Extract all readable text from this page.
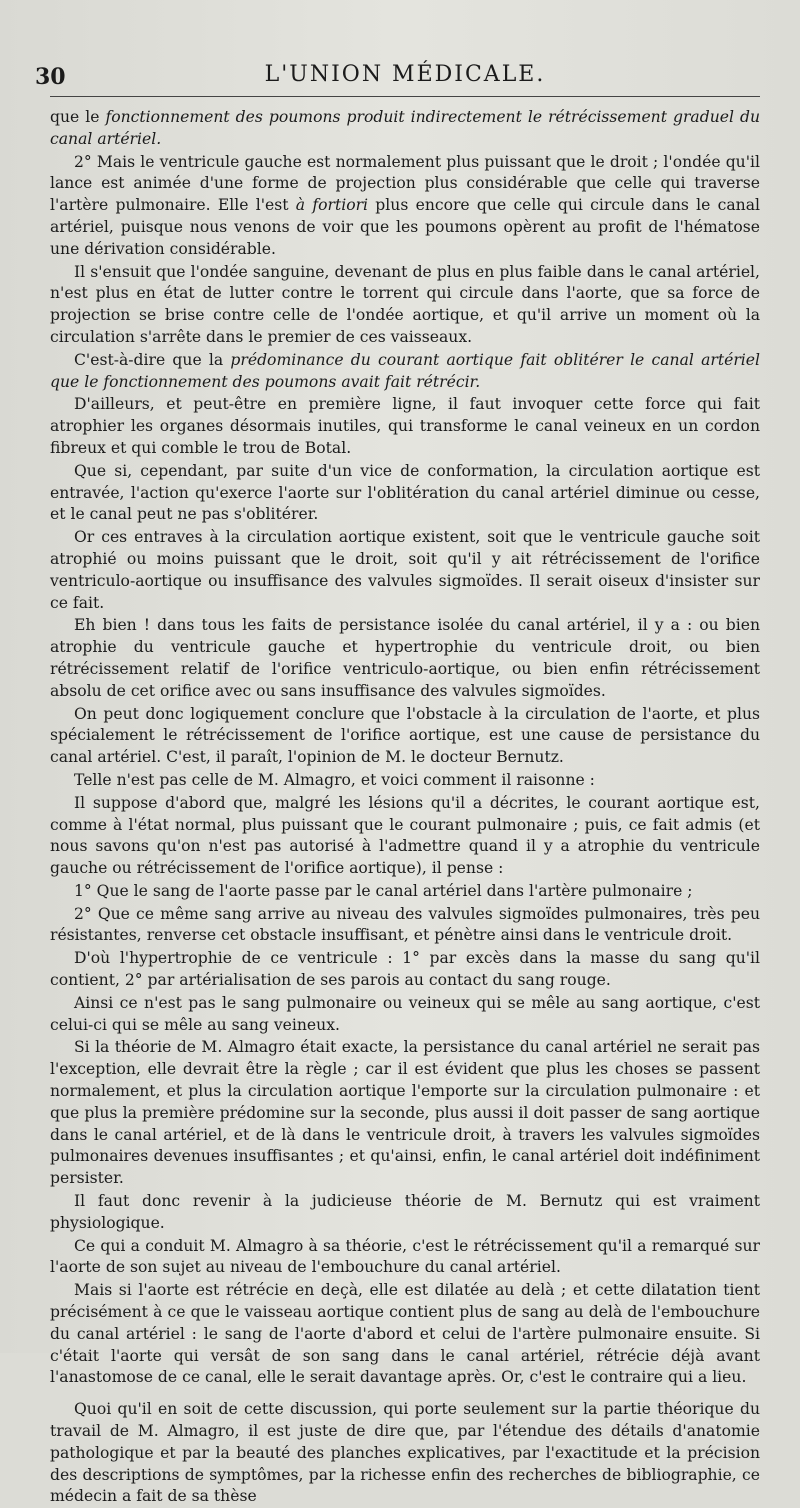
30	L'UNION MÉDICALE.

que le fonctionnement des poumons produit indirectement le rétrécissement graduel du canal artériel.

2° Mais le ventricule gauche est normalement plus puissant que le droit ; l'ondée qu'il lance est animée d'une forme de projection plus considérable que celle qui traverse l'artère pulmonaire. Elle l'est à fortiori plus encore que celle qui circule dans le canal artériel, puisque nous venons de voir que les poumons opèrent au profit de l'hématose une dérivation considérable.

Il s'ensuit que l'ondée sanguine, devenant de plus en plus faible dans le canal artériel, n'est plus en état de lutter contre le torrent qui circule dans l'aorte, que sa force de projection se brise contre celle de l'ondée aortique, et qu'il arrive un moment où la circulation s'arrête dans le premier de ces vaisseaux.

C'est-à-dire que la prédominance du courant aortique fait oblitérer le canal artériel que le fonctionnement des poumons avait fait rétrécir.

D'ailleurs, et peut-être en première ligne, il faut invoquer cette force qui fait atrophier les organes désormais inutiles, qui transforme le canal veineux en un cordon fibreux et qui comble le trou de Botal.

Que si, cependant, par suite d'un vice de conformation, la circulation aortique est entravée, l'action qu'exerce l'aorte sur l'oblitération du canal artériel diminue ou cesse, et le canal peut ne pas s'oblitérer.

Or ces entraves à la circulation aortique existent, soit que le ventricule gauche soit atrophié ou moins puissant que le droit, soit qu'il y ait rétrécissement de l'orifice ventriculo-aortique ou insuffisance des valvules sigmoïdes. Il serait oiseux d'insister sur ce fait.

Eh bien ! dans tous les faits de persistance isolée du canal artériel, il y a : ou bien atrophie du ventricule gauche et hypertrophie du ventricule droit, ou bien rétrécissement relatif de l'orifice ventriculo-aortique, ou bien enfin rétrécissement absolu de cet orifice avec ou sans insuffisance des valvules sigmoïdes.

On peut donc logiquement conclure que l'obstacle à la circulation de l'aorte, et plus spécialement le rétrécissement de l'orifice aortique, est une cause de persistance du canal artériel. C'est, il paraît, l'opinion de M. le docteur Bernutz.

Telle n'est pas celle de M. Almagro, et voici comment il raisonne :

Il suppose d'abord que, malgré les lésions qu'il a décrites, le courant aortique est, comme à l'état normal, plus puissant que le courant pulmonaire ; puis, ce fait admis (et nous savons qu'on n'est pas autorisé à l'admettre quand il y a atrophie du ventricule gauche ou rétrécissement de l'orifice aortique), il pense :

1° Que le sang de l'aorte passe par le canal artériel dans l'artère pulmonaire ;

2° Que ce même sang arrive au niveau des valvules sigmoïdes pulmonaires, très peu résistantes, renverse cet obstacle insuffisant, et pénètre ainsi dans le ventricule droit.

D'où l'hypertrophie de ce ventricule : 1° par excès dans la masse du sang qu'il contient, 2° par artérialisation de ses parois au contact du sang rouge.

Ainsi ce n'est pas le sang pulmonaire ou veineux qui se mêle au sang aortique, c'est celui-ci qui se mêle au sang veineux.

Si la théorie de M. Almagro était exacte, la persistance du canal artériel ne serait pas l'exception, elle devrait être la règle ; car il est évident que plus les choses se passent normalement, et plus la circulation aortique l'emporte sur la circulation pulmonaire : et que plus la première prédomine sur la seconde, plus aussi il doit passer de sang aortique dans le canal artériel, et de là dans le ventricule droit, à travers les valvules sigmoïdes pulmonaires devenues insuffisantes ; et qu'ainsi, enfin, le canal artériel doit indéfiniment persister.

Il faut donc revenir à la judicieuse théorie de M. Bernutz qui est vraiment physiologique.

Ce qui a conduit M. Almagro à sa théorie, c'est le rétrécissement qu'il a remarqué sur l'aorte de son sujet au niveau de l'embouchure du canal artériel.

Mais si l'aorte est rétrécie en deçà, elle est dilatée au delà ; et cette dilatation tient précisément à ce que le vaisseau aortique contient plus de sang au delà de l'embouchure du canal artériel : le sang de l'aorte d'abord et celui de l'artère pulmonaire ensuite. Si c'était l'aorte qui versât de son sang dans le canal artériel, rétrécie déjà avant l'anastomose de ce canal, elle le serait davantage après. Or, c'est le contraire qui a lieu.

Quoi qu'il en soit de cette discussion, qui porte seulement sur la partie théorique du travail de M. Almagro, il est juste de dire que, par l'étendue des détails d'anatomie pathologique et par la beauté des planches explicatives, par l'exactitude et la précision des descriptions de symptômes, par la richesse enfin des recherches de bibliographie, ce médecin a fait de sa thèse
